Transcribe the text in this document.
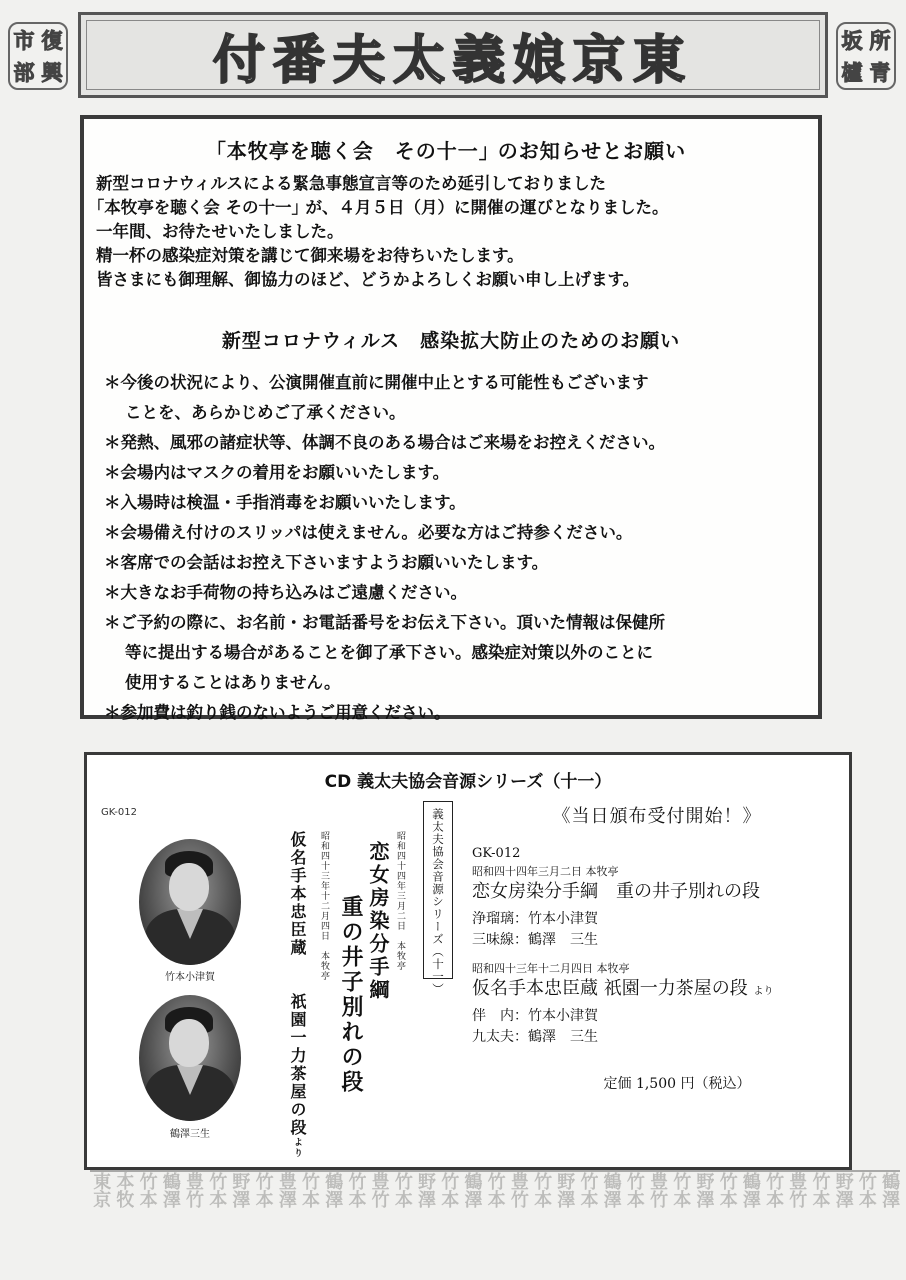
東京 本牧 竹本 鶴澤 豊竹 竹本 野澤 竹本 豊澤 竹本 鶴澤 竹本 豊竹 竹本 野澤 竹本 鶴澤 竹本 豊竹 竹本 野澤 竹本 鶴澤 竹本 豊竹 竹本 野澤 竹本 鶴澤 竹本 豊竹 竹本 野澤 竹本 鶴澤
市 復
部 興	東京娘義太夫番付	坂 所
櫨 青
｢本牧亭を聴く会　その十一｣ のお知らせとお願い

新型コロナウィルスによる緊急事態宣言等のため延引しておりました

｢本牧亭を聴く会 その十一｣ が、４月５日（月）に開催の運びとなりました。

一年間、お待たせいたしました。

精一杯の感染症対策を講じて御来場をお待ちいたします。

皆さまにも御理解、御協力のほど、どうかよろしくお願い申し上げます。

新型コロナウィルス　感染拡大防止のためのお願い

＊今後の状況により、公演開催直前に開催中止とする可能性もございます

ことを、あらかじめご了承ください。

＊発熱、風邪の諸症状等、体調不良のある場合はご来場をお控えください。

＊会場内はマスクの着用をお願いいたします。

＊入場時は検温・手指消毒をお願いいたします。

＊会場備え付けのスリッパは使えません。必要な方はご持参ください。

＊客席での会話はお控え下さいますようお願いいたします。

＊大きなお手荷物の持ち込みはご遠慮ください。

＊ご予約の際に、お名前・お電話番号をお伝え下さい。頂いた情報は保健所

等に提出する場合があることを御了承下さい。感染症対策以外のことに

使用することはありません。

＊参加費は釣り銭のないようご用意ください。

CD 義太夫協会音源シリーズ（十一）
GK-012
竹本小津賀
鶴澤三生
義太夫協会音源シリーズ（十一）
昭和四十四年三月二日　本牧亭
恋女房染分手綱
重の井子別れの段
昭和四十三年十二月四日　本牧亭
仮名手本忠臣蔵
祇園一力茶屋の段より

《当日頒布受付開始！》

GK-012

昭和四十四年三月二日 本牧亭

恋女房染分手綱　重の井子別れの段

浄瑠璃：竹本小津賀

三味線：鶴澤　三生

昭和四十三年十二月四日 本牧亭

仮名手本忠臣蔵 祇園一力茶屋の段 より

伴　内：竹本小津賀

九太夫：鶴澤　三生

定価 1,500 円（税込）
